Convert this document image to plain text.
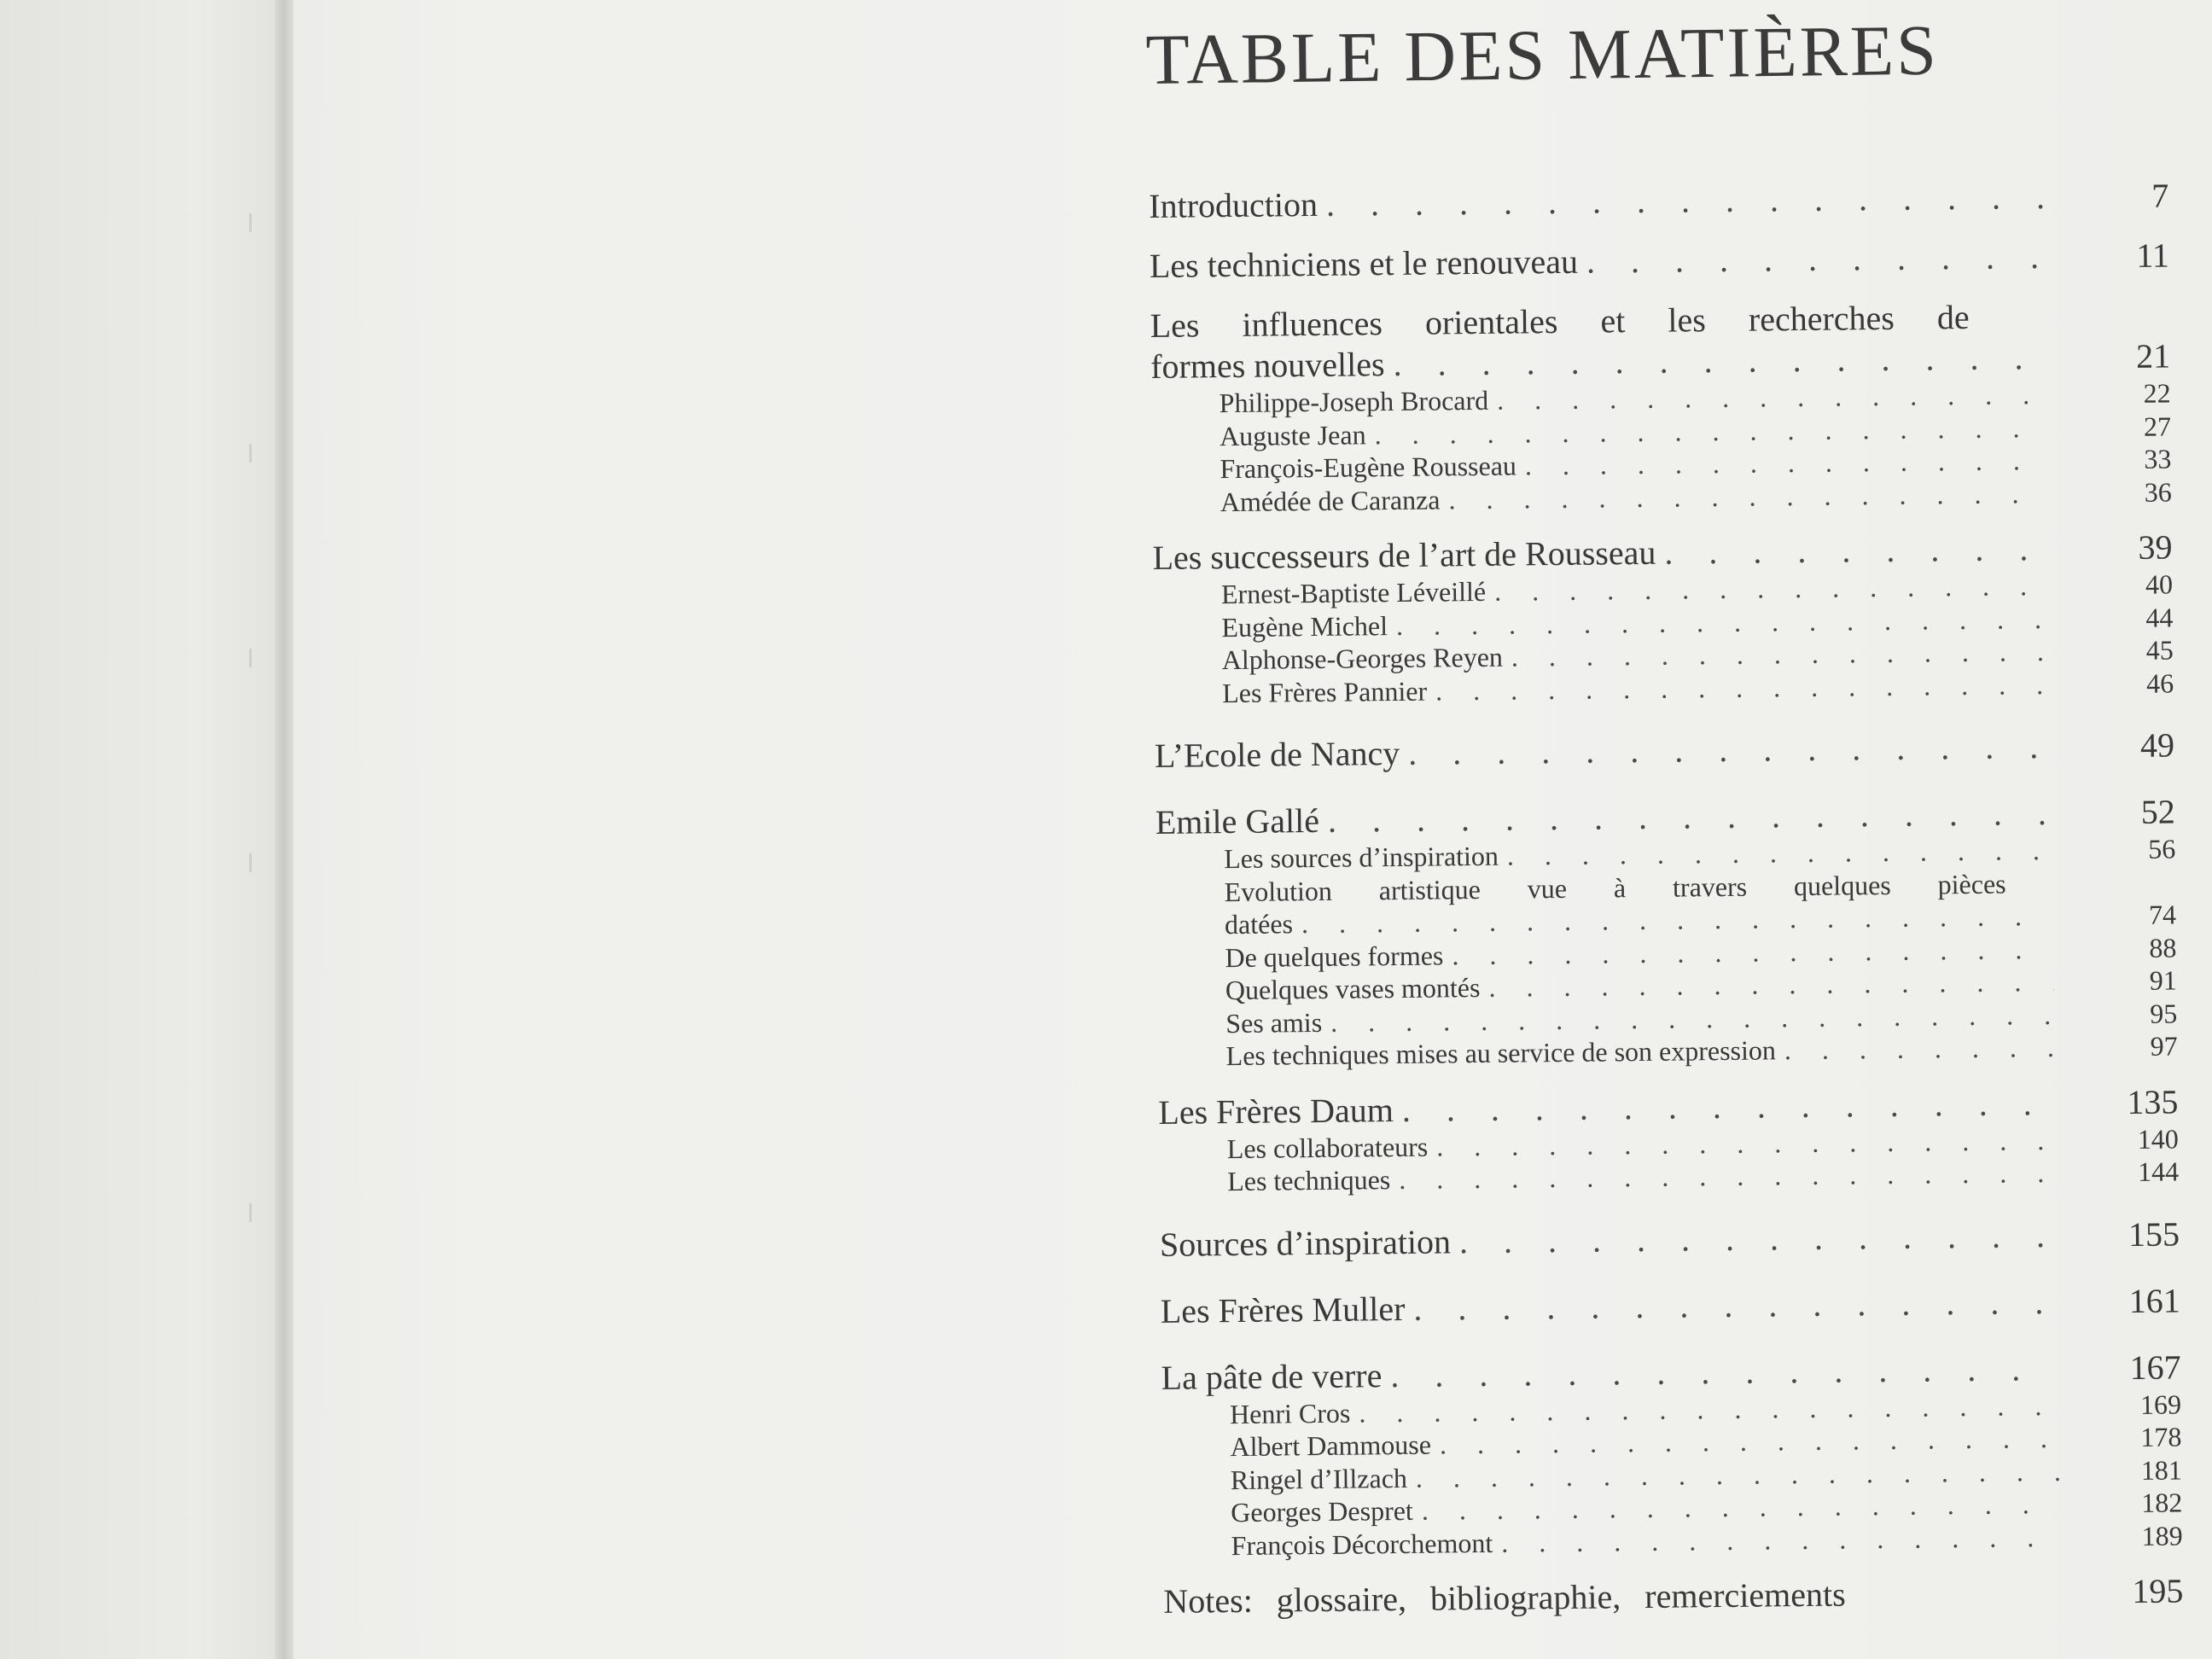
TABLE DES MATIÈRES
Introduction . . .	7
Les techniciens et le renouveau . . .	11
Les influences orientales et les recherches de
formes nouvelles . . .	21
Philippe-Joseph Brocard . . .	22
Auguste Jean . . .	27
François-Eugène Rousseau . . .	33
Amédée de Caranza . . .	36
Les successeurs de l’art de Rousseau . . .	39
Ernest-Baptiste Léveillé . . .	40
Eugène Michel . . .	44
Alphonse-Georges Reyen . . .	45
Les Frères Pannier . . .	46
L’Ecole de Nancy . . .	49
Emile Gallé . . .	52
Les sources d’inspiration . . .	56
Evolution artistique vue à travers quelques pièces
datées . . .	74
De quelques formes . . .	88
Quelques vases montés . . .	91
Ses amis . . .	95
Les techniques mises au service de son expression . . .	97
Les Frères Daum . . .	135
Les collaborateurs . . .	140
Les techniques . . .	144
Sources d’inspiration . . .	155
Les Frères Muller . . .	161
La pâte de verre . . .	167
Henri Cros . . .	169
Albert Dammouse . . .	178
Ringel d’Illzach . . .	181
Georges Despret . . .	182
François Décorchemont . . .	189
Notes: glossaire, bibliographie, remerciements	195
